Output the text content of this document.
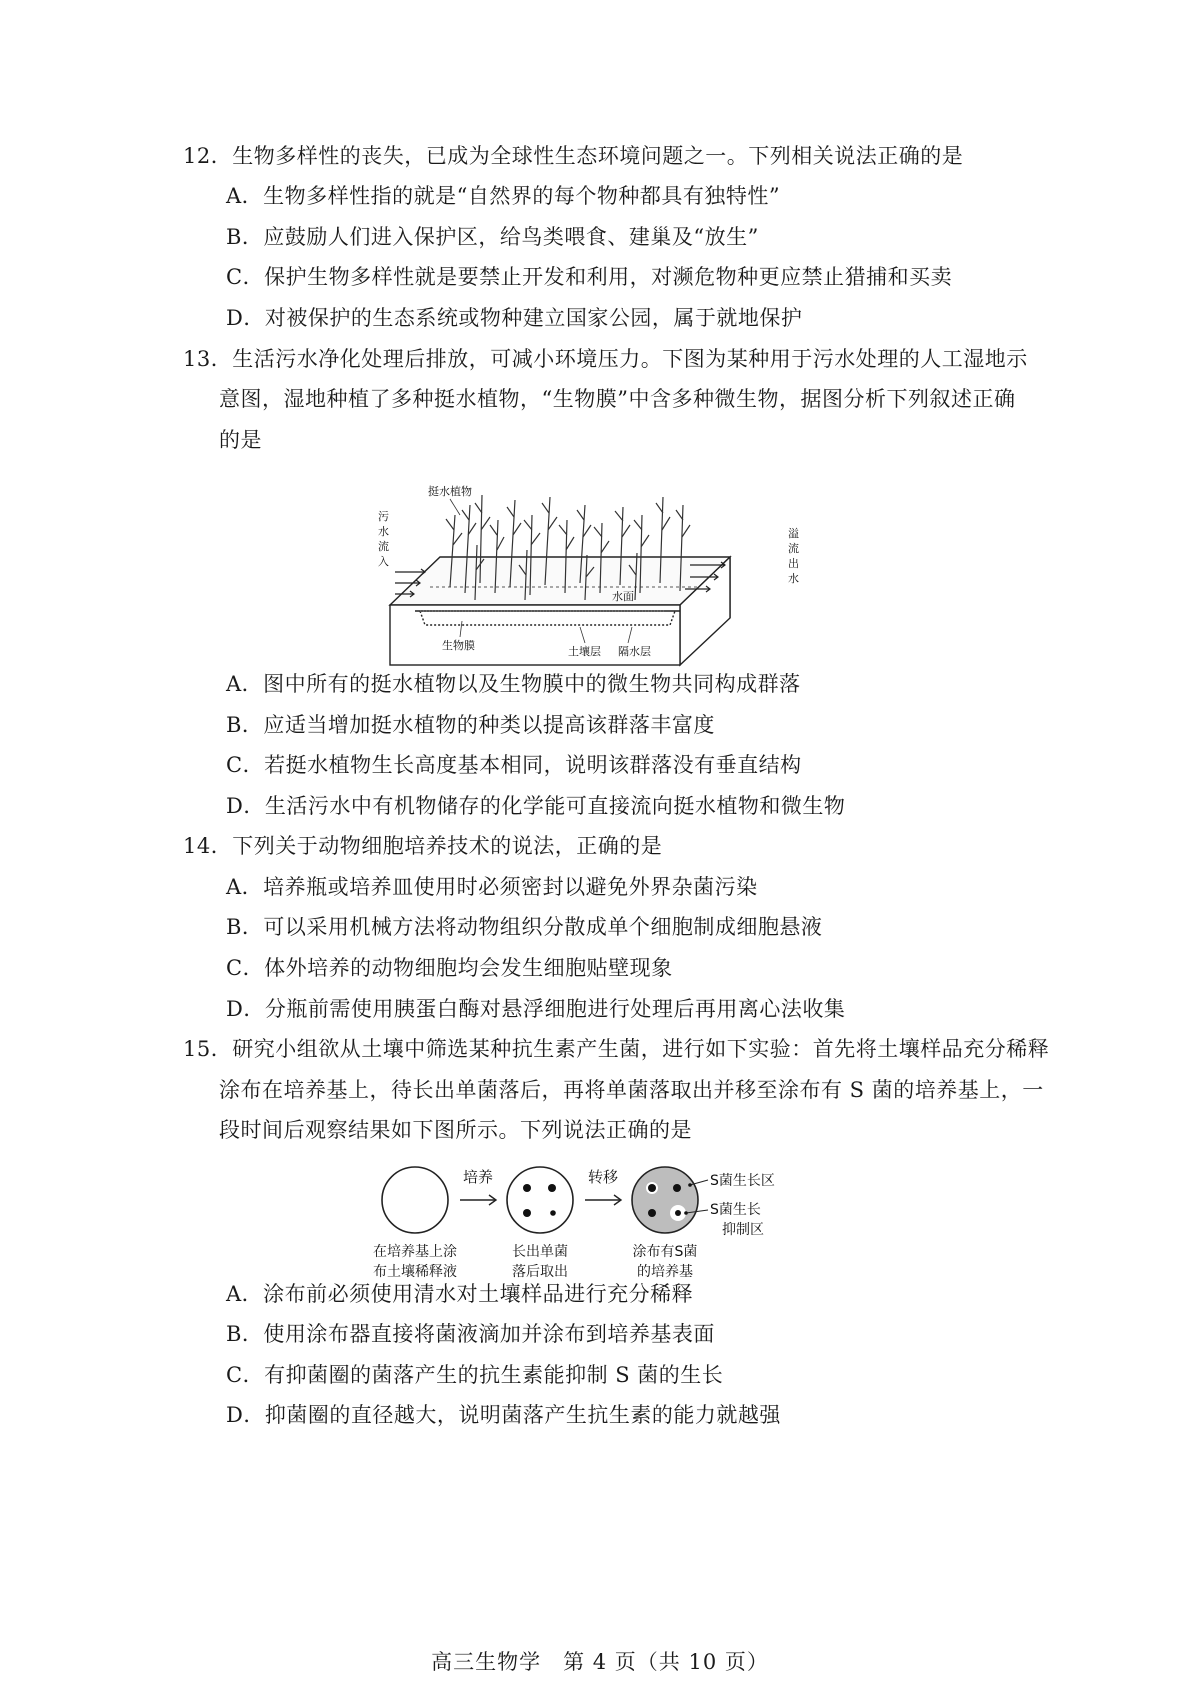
12．生物多样性的丧失，已成为全球性生态环境问题之一。下列相关说法正确的是
A．生物多样性指的就是“自然界的每个物种都具有独特性”
B．应鼓励人们进入保护区，给鸟类喂食、建巢及“放生”
C．保护生物多样性就是要禁止开发和利用，对濒危物种更应禁止猎捕和买卖
D．对被保护的生态系统或物种建立国家公园，属于就地保护
13．生活污水净化处理后排放，可减小环境压力。下图为某种用于污水处理的人工湿地示
意图，湿地种植了多种挺水植物，“生物膜”中含多种微生物，据图分析下列叙述正确
的是
挺水植物
污
水
流
入
溢
流
出
水
水面
生物膜	土壤层 隔水层
A．图中所有的挺水植物以及生物膜中的微生物共同构成群落
B．应适当增加挺水植物的种类以提高该群落丰富度
C．若挺水植物生长高度基本相同，说明该群落没有垂直结构
D．生活污水中有机物储存的化学能可直接流向挺水植物和微生物
14．下列关于动物细胞培养技术的说法，正确的是
A．培养瓶或培养皿使用时必须密封以避免外界杂菌污染
B．可以采用机械方法将动物组织分散成单个细胞制成细胞悬液
C．体外培养的动物细胞均会发生细胞贴壁现象
D．分瓶前需使用胰蛋白酶对悬浮细胞进行处理后再用离心法收集
15．研究小组欲从土壤中筛选某种抗生素产生菌，进行如下实验：首先将土壤样品充分稀释
涂布在培养基上，待长出单菌落后，再将单菌落取出并移至涂布有 S 菌的培养基上，一
段时间后观察结果如下图所示。下列说法正确的是
培养	转移	S菌生长区
S菌生长
抑制区
在培养基上涂
布土壤稀释液
长出单菌
落后取出
涂布有S菌
的培养基
A．涂布前必须使用清水对土壤样品进行充分稀释
B．使用涂布器直接将菌液滴加并涂布到培养基表面
C．有抑菌圈的菌落产生的抗生素能抑制 S 菌的生长
D．抑菌圈的直径越大，说明菌落产生抗生素的能力就越强
高三生物学　第 4 页（共 10 页）
